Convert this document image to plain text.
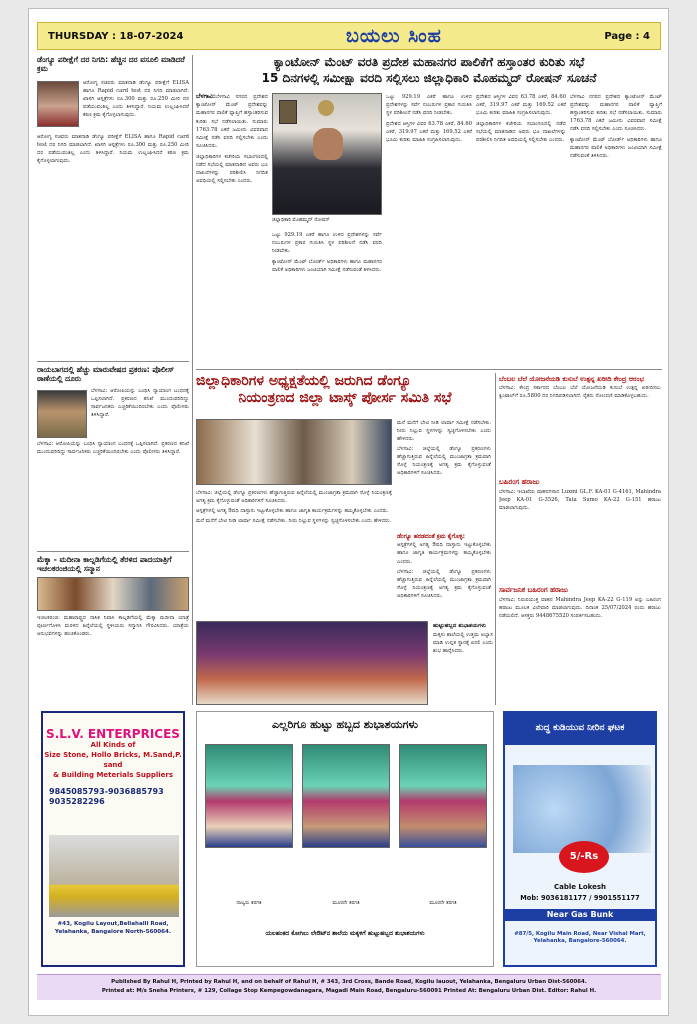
THURSDAY : 18-07-2024	ಬಯಲು ಸಿಂಹ	Page : 4
ಡೆಂಗ್ಯೂ ಪರೀಕ್ಷೆಗೆ ದರ ನಿಗದಿ: ಹೆಚ್ಚಿನ ದರ ವಸೂಲಿ ಮಾಡಿದರೆ ಕ್ರಮ
ಆರೋಗ್ಯ ಸಚಿವರು ಮಾತನಾಡಿ ಡೆಂಗ್ಯೂ ಪರೀಕ್ಷೆಗೆ ELISA ಹಾಗೂ Rapid card test ದರ ನಿಗದಿ ಮಾಡಲಾಗಿದೆ. ಖಾಸಗಿ ಆಸ್ಪತ್ರೆಗಳು ರೂ.300 ಮತ್ತು ರೂ.250 ಮೀರಿ ದರ ಪಡೆಯುವಂತಿಲ್ಲ ಎಂದು ತಿಳಿಸಿದ್ದಾರೆ. ನಿಯಮ ಉಲ್ಲಂಘಿಸಿದರೆ ಕಠಿಣ ಕ್ರಮ ಕೈಗೊಳ್ಳಲಾಗುವುದು.
ಆರೋಗ್ಯ ಸಚಿವರು ಮಾತನಾಡಿ ಡೆಂಗ್ಯೂ ಪರೀಕ್ಷೆಗೆ ELISA ಹಾಗೂ Rapid card test ದರ ನಿಗದಿ ಮಾಡಲಾಗಿದೆ. ಖಾಸಗಿ ಆಸ್ಪತ್ರೆಗಳು ರೂ.300 ಮತ್ತು ರೂ.250 ಮೀರಿ ದರ ಪಡೆಯುವಂತಿಲ್ಲ ಎಂದು ತಿಳಿಸಿದ್ದಾರೆ. ನಿಯಮ ಉಲ್ಲಂಘಿಸಿದರೆ ಕಠಿಣ ಕ್ರಮ ಕೈಗೊಳ್ಳಲಾಗುವುದು.
ರಾಯಬಾಗದಲ್ಲಿ ಹೆಚ್ಚು ಮಾರುವೇಷದ ಪ್ರಕರಣ: ಪೊಲೀಸ್ ಠಾಣೆಯಲ್ಲಿ ದೂರು
ಬೆಳಗಾವಿ: ಆರೋಪಿಯನ್ನು ಬಂಧಿಸಿ ನ್ಯಾಯಾಂಗ ಬಂಧನಕ್ಕೆ ಒಪ್ಪಿಸಲಾಗಿದೆ. ಪ್ರಕರಣದ ತನಿಖೆ ಮುಂದುವರಿದಿದ್ದು ಸಾರ್ವಜನಿಕರು ಎಚ್ಚರಿಕೆಯಿಂದಿರಬೇಕು ಎಂದು ಪೊಲೀಸರು ತಿಳಿಸಿದ್ದಾರೆ.
ಬೆಳಗಾವಿ: ಆರೋಪಿಯನ್ನು ಬಂಧಿಸಿ ನ್ಯಾಯಾಂಗ ಬಂಧನಕ್ಕೆ ಒಪ್ಪಿಸಲಾಗಿದೆ. ಪ್ರಕರಣದ ತನಿಖೆ ಮುಂದುವರಿದಿದ್ದು ಸಾರ್ವಜನಿಕರು ಎಚ್ಚರಿಕೆಯಿಂದಿರಬೇಕು ಎಂದು ಪೊಲೀಸರು ತಿಳಿಸಿದ್ದಾರೆ.
ಮೆಕ್ಕಾ - ಮದೀನಾ ಕಾಲ್ನಡಿಗೆಯಲ್ಲಿ ತೆರಳಿದ ಪಾದಯಾತ್ರಿಗೆ ಇಚಲಕರಂಜಿಯಲ್ಲಿ ಸನ್ಮಾನ
ಇಚಲಕರಂಜಿ: ಮಹಾರಾಷ್ಟ್ರದ ನಾಸಿಕ ನಿವಾಸಿ ಕಾಲ್ನಡಿಗೆಯಲ್ಲಿ ಮೆಕ್ಕಾ ಮದೀನಾ ಯಾತ್ರೆ ಪೂರ್ಣಗೊಳಿಸಿ ಮರಳಿದ ಹಿನ್ನೆಲೆಯಲ್ಲಿ ಸ್ಥಳೀಯರು ಸನ್ಮಾನಿಸಿ ಗೌರವಿಸಿದರು. ಯಾತ್ರೆಯ ಅನುಭವಗಳನ್ನು ಹಂಚಿಕೊಂಡರು.
ಕ್ಯಾಂಟೋನ್ ಮೆಂಟ್ ವರತಿ ಪ್ರದೇಶ ಮಹಾನಗರ ಪಾಲಿಕೆಗೆ ಹಸ್ತಾಂತರ ಕುರಿತು ಸಭೆ
15 ದಿನಗಳಲ್ಲಿ ಸಮೀಕ್ಷಾ ವರದಿ ಸಲ್ಲಿಸಲು ಜಿಲ್ಲಾಧಿಕಾರಿ ಮೊಹಮ್ಮದ್ ರೋಷನ್ ಸೂಚನೆ
ಬೆಳಗಾವಿ:ಬೆಳಗಾವಿ ನಗರದ ಪ್ರದೇಶದ ಕ್ಯಾಂಟೋನ್ ಮೆಂಟ್ ಪ್ರದೇಶವನ್ನು ಮಹಾನಗರ ಪಾಲಿಕೆ ವ್ಯಾಪ್ತಿಗೆ ಹಸ್ತಾಂತರಿಸುವ ಕುರಿತು ಸಭೆ ನಡೆಸಲಾಯಿತು. ಸುಮಾರು 1763.78 ಎಕರೆ ಜಮೀನು ವಿವರವಾದ ಸಮೀಕ್ಷೆ ನಡೆಸಿ ವರದಿ ಸಲ್ಲಿಸಬೇಕು ಎಂದು ಸೂಚಿಸಿದರು.
ಜಿಲ್ಲಾಧಿಕಾರಿಗಳ ಕಚೇರಿಯ ಸಭಾಂಗಣದಲ್ಲಿ ನಡೆದ ಸಭೆಯಲ್ಲಿ ಮಾತನಾಡಿದ ಅವರು ಭೂ ದಾಖಲೆಗಳನ್ನು ಪರಿಶೀಲಿಸಿ ನಿಗದಿತ ಅವಧಿಯಲ್ಲಿ ಸಲ್ಲಿಸಬೇಕು ಎಂದರು.
ಜಿಲ್ಲಾಧಿಕಾರಿ ಮೊಹಮ್ಮದ್ ರೋಷನ್
ಒಟ್ಟು 929.19 ಎಕರೆ ಹಾಗೂ ಉಳಿದ ಪ್ರದೇಶಗಳನ್ನು ಸರ್ವೆ ನಂಬರುಗಳ ಪ್ರಕಾರ ಗುರುತಿಸಿ ಸ್ಥಳ ಪರಿಶೀಲನೆ ನಡೆಸಿ ವರದಿ ನೀಡಬೇಕು.
ಕ್ಯಾಂಟೋನ್ ಮೆಂಟ್ ಬೋರ್ಡ್ ಅಧಿಕಾರಿಗಳು ಹಾಗೂ ಮಹಾನಗರ ಪಾಲಿಕೆ ಅಧಿಕಾರಿಗಳು ಜಂಟಿಯಾಗಿ ಸಮೀಕ್ಷೆ ನಡೆಸುವಂತೆ ತಿಳಿಸಿದರು.
ಒಟ್ಟು 929.19 ಎಕರೆ ಹಾಗೂ ಉಳಿದ ಪ್ರದೇಶಗಳನ್ನು ಸರ್ವೆ ನಂಬರುಗಳ ಪ್ರಕಾರ ಗುರುತಿಸಿ ಸ್ಥಳ ಪರಿಶೀಲನೆ ನಡೆಸಿ ವರದಿ ನೀಡಬೇಕು.
ಪ್ರದೇಶದ ಆಸ್ತಿಗಳ ವಿವರ 63.78 ಎಕರೆ, 84.60 ಎಕರೆ, 319.97 ಎಕರೆ ಮತ್ತು 169.52 ಎಕರೆ ಭೂಮಿ ಕುರಿತು ಮಾಹಿತಿ ಸಂಗ್ರಹಿಸಲಾಗುವುದು.
ಪ್ರದೇಶದ ಆಸ್ತಿಗಳ ವಿವರ 63.78 ಎಕರೆ, 84.60 ಎಕರೆ, 319.97 ಎಕರೆ ಮತ್ತು 169.52 ಎಕರೆ ಭೂಮಿ ಕುರಿತು ಮಾಹಿತಿ ಸಂಗ್ರಹಿಸಲಾಗುವುದು.
ಜಿಲ್ಲಾಧಿಕಾರಿಗಳ ಕಚೇರಿಯ ಸಭಾಂಗಣದಲ್ಲಿ ನಡೆದ ಸಭೆಯಲ್ಲಿ ಮಾತನಾಡಿದ ಅವರು ಭೂ ದಾಖಲೆಗಳನ್ನು ಪರಿಶೀಲಿಸಿ ನಿಗದಿತ ಅವಧಿಯಲ್ಲಿ ಸಲ್ಲಿಸಬೇಕು ಎಂದರು.
ಬೆಳಗಾವಿ ನಗರದ ಪ್ರದೇಶದ ಕ್ಯಾಂಟೋನ್ ಮೆಂಟ್ ಪ್ರದೇಶವನ್ನು ಮಹಾನಗರ ಪಾಲಿಕೆ ವ್ಯಾಪ್ತಿಗೆ ಹಸ್ತಾಂತರಿಸುವ ಕುರಿತು ಸಭೆ ನಡೆಸಲಾಯಿತು. ಸುಮಾರು 1763.78 ಎಕರೆ ಜಮೀನು ವಿವರವಾದ ಸಮೀಕ್ಷೆ ನಡೆಸಿ ವರದಿ ಸಲ್ಲಿಸಬೇಕು ಎಂದು ಸೂಚಿಸಿದರು.
ಕ್ಯಾಂಟೋನ್ ಮೆಂಟ್ ಬೋರ್ಡ್ ಅಧಿಕಾರಿಗಳು ಹಾಗೂ ಮಹಾನಗರ ಪಾಲಿಕೆ ಅಧಿಕಾರಿಗಳು ಜಂಟಿಯಾಗಿ ಸಮೀಕ್ಷೆ ನಡೆಸುವಂತೆ ತಿಳಿಸಿದರು.
ಜಿಲ್ಲಾಧಿಕಾರಿಗಳ ಅಧ್ಯಕ್ಷತೆಯಲ್ಲಿ ಜರುಗಿದ ಡೆಂಗ್ಯೂ
ನಿಯಂತ್ರಣದ ಜಿಲ್ಲಾ ಟಾಸ್ಕ್ ಪೋರ್ಸ ಸಮಿತಿ ಸಭೆ
ಮನೆ ಮನೆಗೆ ಭೇಟಿ ನೀಡಿ ಲಾರ್ವಾ ಸಮೀಕ್ಷೆ ನಡೆಸಬೇಕು. ನೀರು ನಿಲ್ಲುವ ಸ್ಥಳಗಳನ್ನು ಸ್ವಚ್ಛಗೊಳಿಸಬೇಕು ಎಂದು ಹೇಳಿದರು.
ಬೆಳಗಾವಿ: ಜಿಲ್ಲೆಯಲ್ಲಿ ಡೆಂಗ್ಯೂ ಪ್ರಕರಣಗಳು ಹೆಚ್ಚಾಗುತ್ತಿರುವ ಹಿನ್ನೆಲೆಯಲ್ಲಿ ಮುಂಜಾಗ್ರತಾ ಕ್ರಮವಾಗಿ ಸೊಳ್ಳೆ ನಿಯಂತ್ರಣಕ್ಕೆ ಅಗತ್ಯ ಕ್ರಮ ಕೈಗೊಳ್ಳುವಂತೆ ಅಧಿಕಾರಿಗಳಿಗೆ ಸೂಚಿಸಿದರು.
ಬೆಳಗಾವಿ: ಜಿಲ್ಲೆಯಲ್ಲಿ ಡೆಂಗ್ಯೂ ಪ್ರಕರಣಗಳು ಹೆಚ್ಚಾಗುತ್ತಿರುವ ಹಿನ್ನೆಲೆಯಲ್ಲಿ ಮುಂಜಾಗ್ರತಾ ಕ್ರಮವಾಗಿ ಸೊಳ್ಳೆ ನಿಯಂತ್ರಣಕ್ಕೆ ಅಗತ್ಯ ಕ್ರಮ ಕೈಗೊಳ್ಳುವಂತೆ ಅಧಿಕಾರಿಗಳಿಗೆ ಸೂಚಿಸಿದರು.
ಆಸ್ಪತ್ರೆಗಳಲ್ಲಿ ಅಗತ್ಯ ಔಷಧಿ ದಾಸ್ತಾನು ಇಟ್ಟುಕೊಳ್ಳಬೇಕು ಹಾಗೂ ಜಾಗೃತಿ ಕಾರ್ಯಕ್ರಮಗಳನ್ನು ಹಮ್ಮಿಕೊಳ್ಳಬೇಕು ಎಂದರು.
ಮನೆ ಮನೆಗೆ ಭೇಟಿ ನೀಡಿ ಲಾರ್ವಾ ಸಮೀಕ್ಷೆ ನಡೆಸಬೇಕು. ನೀರು ನಿಲ್ಲುವ ಸ್ಥಳಗಳನ್ನು ಸ್ವಚ್ಛಗೊಳಿಸಬೇಕು ಎಂದು ಹೇಳಿದರು.
ಡೆಂಗ್ಯೂ ಹರಡದಂತೆ ಕ್ರಮ ಕೈಗೊಳ್ಳಿ:
ಆಸ್ಪತ್ರೆಗಳಲ್ಲಿ ಅಗತ್ಯ ಔಷಧಿ ದಾಸ್ತಾನು ಇಟ್ಟುಕೊಳ್ಳಬೇಕು ಹಾಗೂ ಜಾಗೃತಿ ಕಾರ್ಯಕ್ರಮಗಳನ್ನು ಹಮ್ಮಿಕೊಳ್ಳಬೇಕು ಎಂದರು.
ಬೆಳಗಾವಿ: ಜಿಲ್ಲೆಯಲ್ಲಿ ಡೆಂಗ್ಯೂ ಪ್ರಕರಣಗಳು ಹೆಚ್ಚಾಗುತ್ತಿರುವ ಹಿನ್ನೆಲೆಯಲ್ಲಿ ಮುಂಜಾಗ್ರತಾ ಕ್ರಮವಾಗಿ ಸೊಳ್ಳೆ ನಿಯಂತ್ರಣಕ್ಕೆ ಅಗತ್ಯ ಕ್ರಮ ಕೈಗೊಳ್ಳುವಂತೆ ಅಧಿಕಾರಿಗಳಿಗೆ ಸೂಚಿಸಿದರು.
ಹುಟ್ಟುಹಬ್ಬದ ಶುಭಾಶಯಗಳು
ಮಕ್ಕಳು ಶಾಲೆಯಲ್ಲಿ ಉತ್ತಮ ಅಭ್ಯಾಸ ಮಾಡಿ ಉನ್ನತ ಸ್ಥಾನಕ್ಕೆ ಏರಲಿ ಎಂದು ಶುಭ ಹಾರೈಸಿದರು.
ಬೆಂಬಲ ಬೆಲೆ ಯೋಜನೆಯಡಿ ಕುಸುಬೆ ಉತ್ಪನ್ನ ಖರೀದಿ ಕೇಂದ್ರ ಆರಂಭ
ಬೆಳಗಾವಿ: ಕೇಂದ್ರ ಸರ್ಕಾರದ ಬೆಂಬಲ ಬೆಲೆ ಯೋಜನೆಯಡಿ ಕುಸುಬೆ ಉತ್ಪನ್ನ ಖರೀದಿಸಲು ಕ್ವಿಂಟಾಲ್‌ಗೆ ರೂ.5800 ದರ ನಿಗದಿಪಡಿಸಲಾಗಿದೆ. ರೈತರು ನೋಂದಣಿ ಮಾಡಿಕೊಳ್ಳಬಹುದು.
ಬಹಿರಂಗ ಹರಾಜು
ಬೆಳಗಾವಿ: ಇಲಾಖೆಯ ವಾಹನಗಳಾದ Luxmi GL.F. KA-01 G-4161, Mahindra Jeep KA-01 G-3526, Tata Sumo KA-22 G-151 ಹರಾಜು ಮಾಡಲಾಗುವುದು.
ಸಾರ್ವಜನಿಕ ಬಹಿರಂಗ ಹರಾಜು
ಬೆಳಗಾವಿ: ನಿರುಪಯುಕ್ತ ವಾಹನ Mahindra Jeep KA-22 G-119 ಅನ್ನು ಬಹಿರಂಗ ಹರಾಜು ಮೂಲಕ ವಿಲೇವಾರಿ ಮಾಡಲಾಗುವುದು. ದಿನಾಂಕ 25/07/2024 ರಂದು ಹರಾಜು ನಡೆಯಲಿದೆ. ಆಸಕ್ತರು 9448675520 ಸಂಪರ್ಕಿಸಬಹುದು.
S.L.V. ENTERPRICES
All Kinds of
Size Stone, Hollo Bricks, M.Sand,P. sand
& Building Meterials Suppliers
9845085793-9036885793
9035282296
#43, Kogilu Layout,Bellahalli Road, Yelahanka, Bangalore North-560064.
ಎಲ್ಲರಿಗೂ ಹುಟ್ಟು ಹಬ್ಬದ ಶುಭಾಶಯಗಳು
ನಾಲ್ವರು ತರಗತಿ	ಮೂರನೇ ತರಗತಿ	ಮೂರನೇ ತರಗತಿ
ಯಲಹಂಕದ ಕೋಗಿಲು ಲೇಔಟ್‌ನ ಶಾಲೆಯ ಮಕ್ಕಳಿಗೆ ಹುಟ್ಟುಹಬ್ಬದ ಶುಭಾಶಯಗಳು
ಶುದ್ಧ ಕುಡಿಯುವ ನೀರಿನ ಘಟಕ
5/-Rs
Cable Lokesh
Mob: 9036181177 / 9901551177
Near Gas Bunk
#87/5, Kogilu Main Road, Near Vishal Mart, Yelahanka, Bangalore-560064.
Published By Rahul H, Printed by Rahul H, and on behalf of Rahul H, # 343, 3rd Cross, Bande Road, Kogilu lauout, Yelahanka, Bengaluru Urban Dist-560064.
Printed at: M/s Sneha Printers, # 129, Collage Stop Kempegowdanagara, Magadi Main Road, Bengaluru-560091 Printed At: Bengaluru Urban Dist. Editor: Rahul H.
